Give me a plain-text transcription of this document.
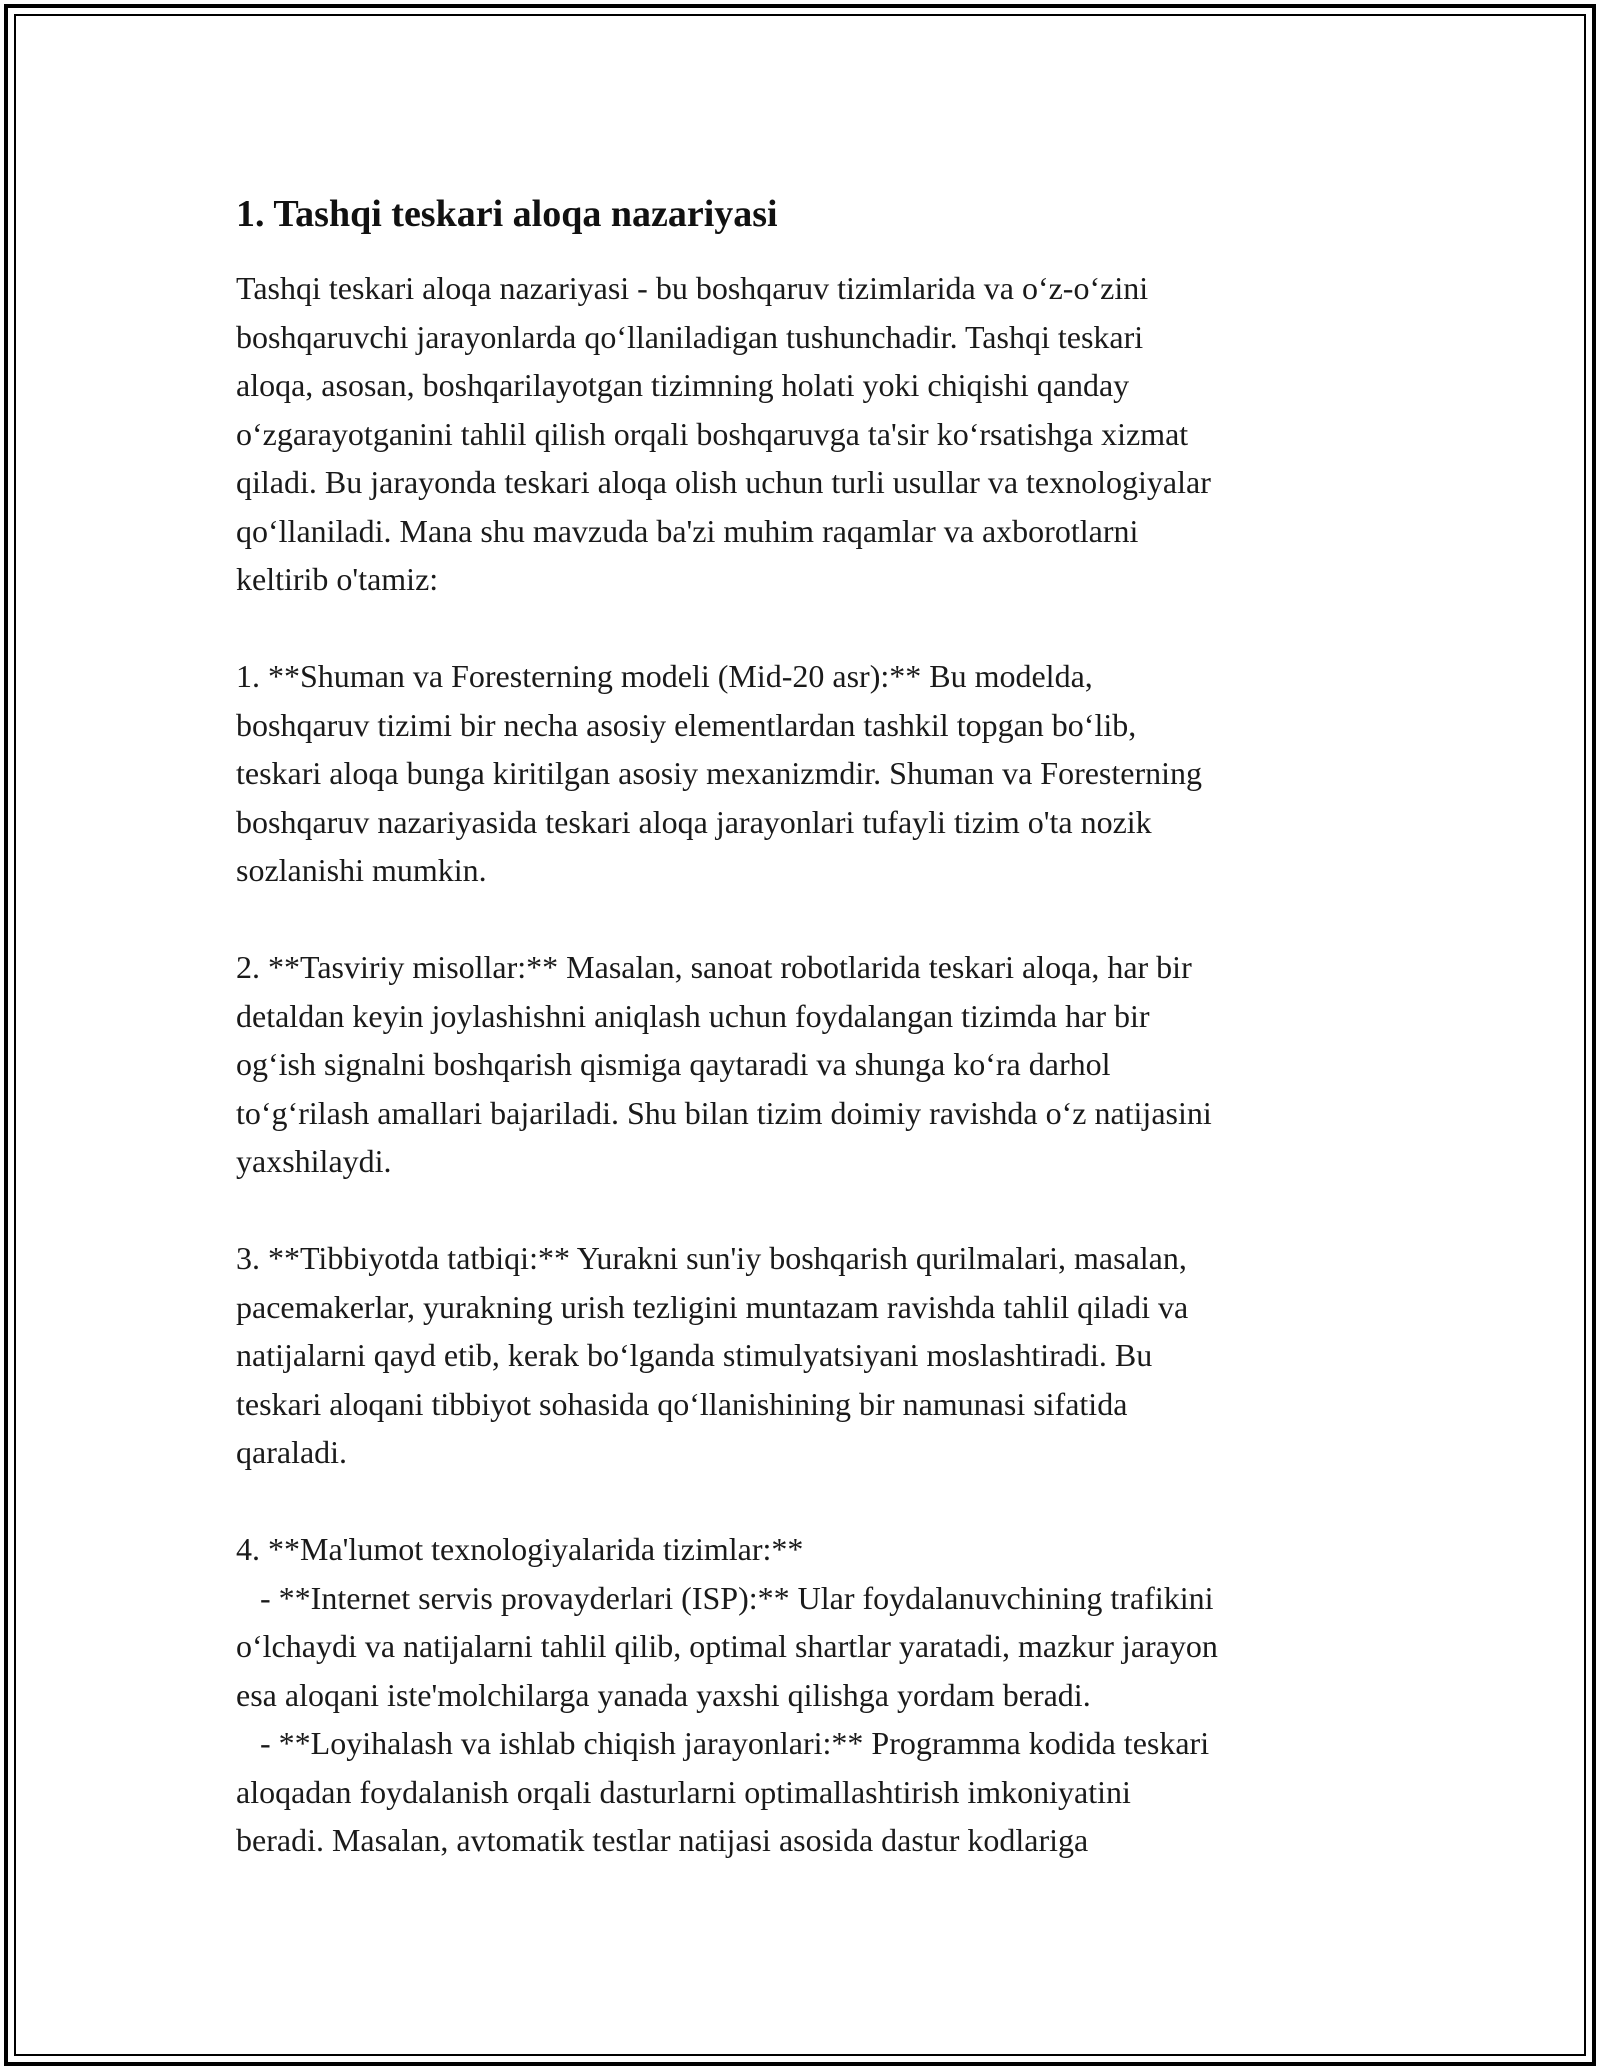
1. Tashqi teskari aloqa nazariyasi
Tashqi teskari aloqa nazariyasi - bu boshqaruv tizimlarida va o‘z-o‘zini
boshqaruvchi jarayonlarda qo‘llaniladigan tushunchadir. Tashqi teskari
aloqa, asosan, boshqarilayotgan tizimning holati yoki chiqishi qanday
o‘zgarayotganini tahlil qilish orqali boshqaruvga ta'sir ko‘rsatishga xizmat
qiladi. Bu jarayonda teskari aloqa olish uchun turli usullar va texnologiyalar
qo‘llaniladi. Mana shu mavzuda ba'zi muhim raqamlar va axborotlarni
keltirib o'tamiz:
1. **Shuman va Foresterning modeli (Mid-20 asr):** Bu modelda,
boshqaruv tizimi bir necha asosiy elementlardan tashkil topgan bo‘lib,
teskari aloqa bunga kiritilgan asosiy mexanizmdir. Shuman va Foresterning
boshqaruv nazariyasida teskari aloqa jarayonlari tufayli tizim o'ta nozik
sozlanishi mumkin.
2. **Tasviriy misollar:** Masalan, sanoat robotlarida teskari aloqa, har bir
detaldan keyin joylashishni aniqlash uchun foydalangan tizimda har bir
og‘ish signalni boshqarish qismiga qaytaradi va shunga ko‘ra darhol
to‘g‘rilash amallari bajariladi. Shu bilan tizim doimiy ravishda o‘z natijasini
yaxshilaydi.
3. **Tibbiyotda tatbiqi:** Yurakni sun'iy boshqarish qurilmalari, masalan,
pacemakerlar, yurakning urish tezligini muntazam ravishda tahlil qiladi va
natijalarni qayd etib, kerak bo‘lganda stimulyatsiyani moslashtiradi. Bu
teskari aloqani tibbiyot sohasida qo‘llanishining bir namunasi sifatida
qaraladi.
4. **Ma'lumot texnologiyalarida tizimlar:**
- **Internet servis provayderlari (ISP):** Ular foydalanuvchining trafikini
o‘lchaydi va natijalarni tahlil qilib, optimal shartlar yaratadi, mazkur jarayon
esa aloqani iste'molchilarga yanada yaxshi qilishga yordam beradi.
- **Loyihalash va ishlab chiqish jarayonlari:** Programma kodida teskari
aloqadan foydalanish orqali dasturlarni optimallashtirish imkoniyatini
beradi. Masalan, avtomatik testlar natijasi asosida dastur kodlariga
